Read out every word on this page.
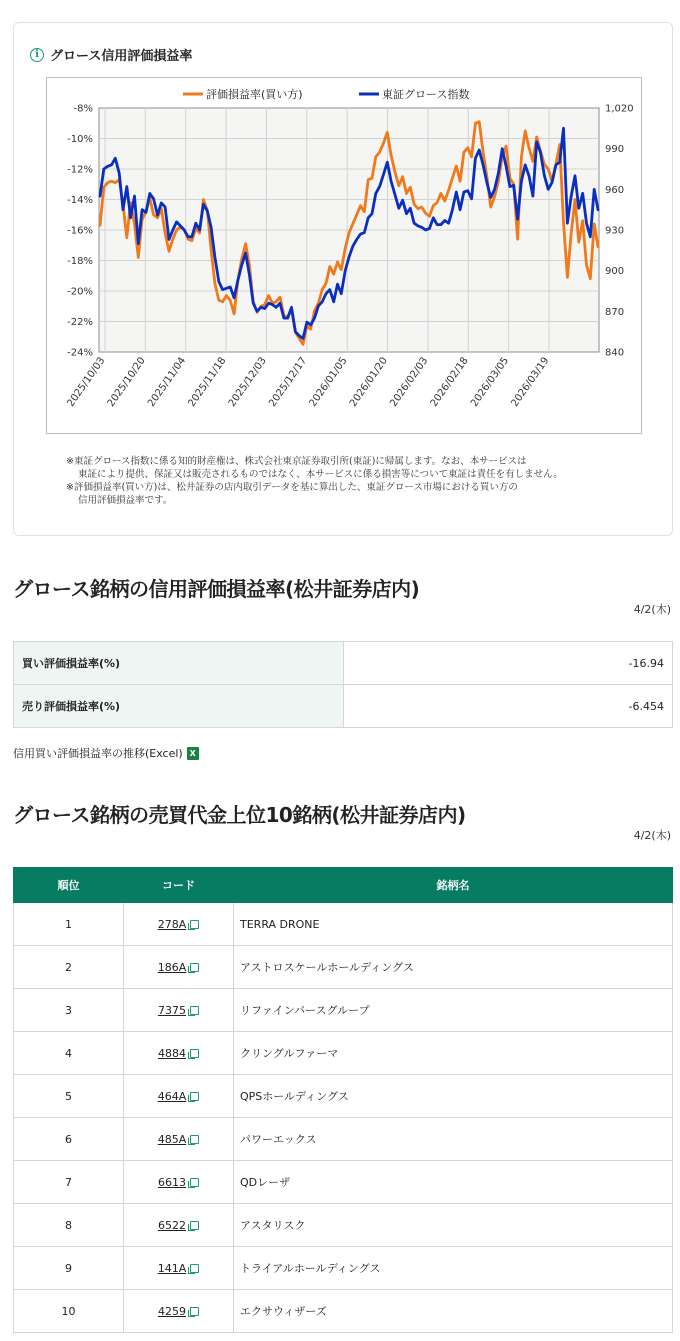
i グロース信用評価損益率
-8%
-10%
-12%
-14%
-16%
-18%
-20%
-22%
-24%
1,020
990
960
930
900
870
840
2025/10/03
2025/10/20
2025/11/04
2025/11/18
2025/12/03
2025/12/17
2026/01/05
2026/01/20
2026/02/03
2026/02/18
2026/03/05
2026/03/19
評価損益率(買い方)	東証グロース指数

※東証グロース指数に係る知的財産権は、株式会社東京証券取引所(東証)に帰属します。なお、本サービスは

東証により提供、保証又は販売されるものではなく、本サービスに係る損害等について東証は責任を有しません。

※評価損益率(買い方)は、松井証券の店内取引データを基に算出した、東証グロース市場における買い方の

信用評価損益率です。

グロース銘柄の信用評価損益率(松井証券店内)
4/2(木)
買い評価損益率(%)	-16.94
売り評価損益率(%)	-6.454
信用買い評価損益率の推移(Excel) X
グロース銘柄の売買代金上位10銘柄(松井証券店内)
4/2(木)
順位	コード	銘柄名
1	278A	TERRA DRONE
2	186A	アストロスケールホールディングス
3	7375	リファインバースグループ
4	4884	クリングルファーマ
5	464A	QPSホールディングス
6	485A	パワーエックス
7	6613	QDレーザ
8	6522	アスタリスク
9	141A	トライアルホールディングス
10	4259	エクサウィザーズ
